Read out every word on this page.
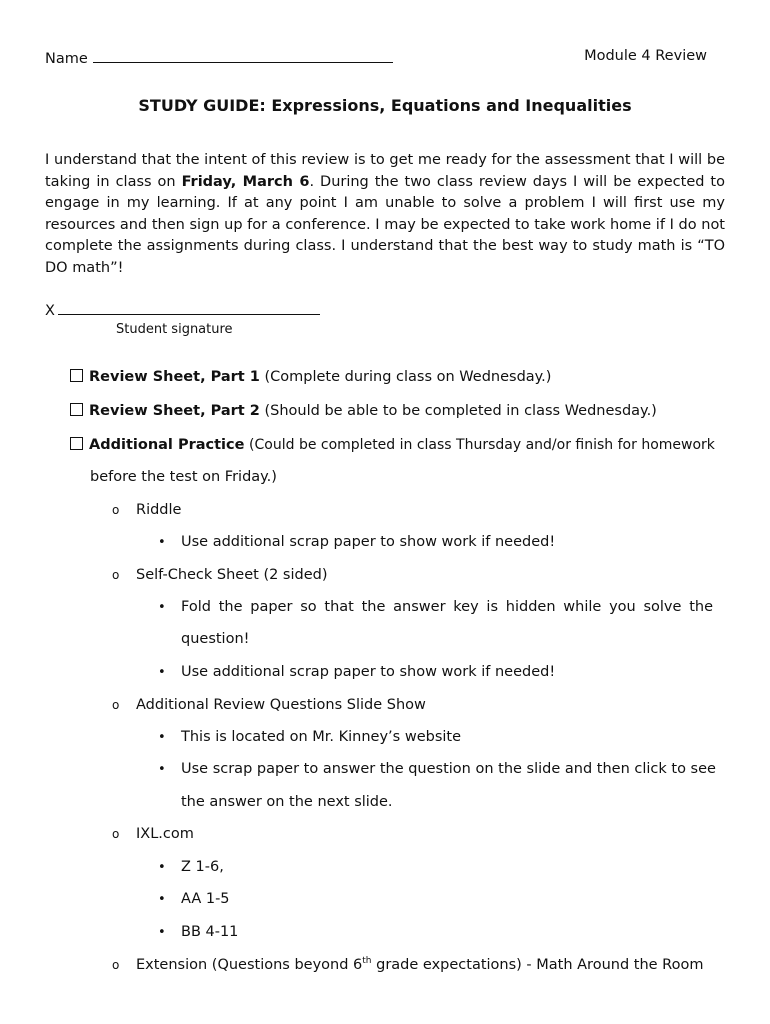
Name	Module 4 Review
STUDY GUIDE: Expressions, Equations and Inequalities
I understand that the intent of this review is to get me ready for the assessment that I will be taking in class on Friday, March 6. During the two class review days I will be expected to engage in my learning. If at any point I am unable to solve a problem I will first use my resources and then sign up for a conference. I may be expected to take work home if I do not complete the assignments during class. I understand that the best way to study math is “TO DO math”!
X
Student signature
Review Sheet, Part 1 (Complete during class on Wednesday.)
Review Sheet, Part 2 (Should be able to be completed in class Wednesday.)
Additional Practice (Could be completed in class Thursday and/or finish for homework
before the test on Friday.)
o Riddle
• Use additional scrap paper to show work if needed!
o Self-Check Sheet (2 sided)
• Fold the paper so that the answer key is hidden while you solve the
question!
• Use additional scrap paper to show work if needed!
o Additional Review Questions Slide Show
• This is located on Mr. Kinney’s website
• Use scrap paper to answer the question on the slide and then click to see
the answer on the next slide.
o IXL.com
• Z 1-6,
• AA 1-5
• BB 4-11
o Extension (Questions beyond 6th grade expectations) - Math Around the Room
